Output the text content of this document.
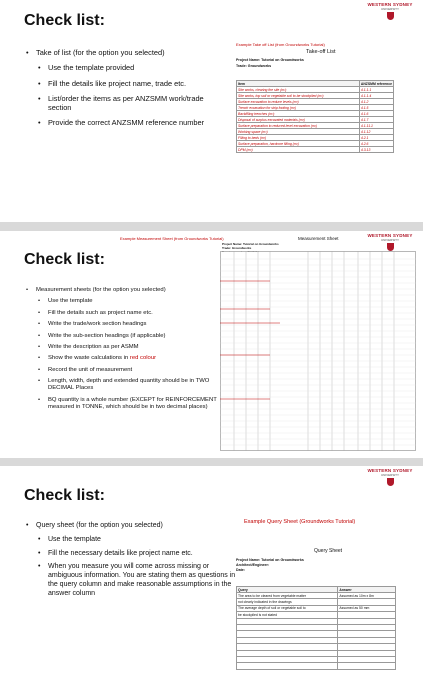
WESTERN SYDNEY
UNIVERSITY
Check list:
• Take of list (for the option you selected)
• Use the template provided
• Fill the details like project name, trade etc.
• List/order the items as per ANZSMM work/trade section
• Provide the correct ANZSMM reference number
Example Take off List (from Groundworks Tutorial)
Take-off List
Project Name: Tutorial on Groundworks
Trade: Groundworks
Item	ANZSMM reference
Site works, clearing the site (m²)	4.1.1.1
Site works, top soil or vegetable soil to be stockpiled (m²)	4.1.1.4
Surface excavation to reduce levels (m³)	4.1.2
Trench excavation for strip footing (m³)	4.1.5
Backfilling trenches (m³)	4.1.6
Disposal of surplus excavated materials (m³)	4.1.7
Surface preparation to reduced level excavation (m²)	4.1.11.1
Working space (m²)	4.1.12
Filling to beds (m³)	4.2.1
Surface preparation, hardcore filling (m²)	4.2.6
DPM (m²)	4.3.13
WESTERN SYDNEY
UNIVERSITY
Check list:
• Measurement sheets (for the option you selected)
• Use the template
• Fill the details such as project name etc.
• Write the trade/work section headings
• Write the sub-section headings (if applicable)
• Write the description as per ASMM
• Show the waste calculations in red colour
• Record the unit of measurement
• Length, width, depth and extended quantity should be in TWO DECIMAL Places
• BQ quantity is a whole number (EXCEPT for REINFORCEMENT measured in TONNE, which should be in two decimal places)
Example Measurement Sheet (from Groundworks Tutorial)	Measurement Sheet
Project Name: Tutorial on Groundworks
Trade: Groundworks
WESTERN SYDNEY
UNIVERSITY
Check list:
• Query sheet (for the option you selected)
• Use the template
• Fill the necessary details like project name etc.
• When you measure you will come across missing or ambiguous information. You are stating them as questions in the query column and make reasonable assumptions in the answer column
Example Query Sheet (Groundworks Tutorial)
Query Sheet
Project Name: Tutorial on Groundworks
Architect/Engineer:
Date:
Query	Answer
The area to be cleared from vegetable matter	Assumed as 10m x 8m
not clearly indicated in the drawings	
The average depth of soil or vegetable soil to	Assumed as 50 mm
be stockpiled is not stated	
